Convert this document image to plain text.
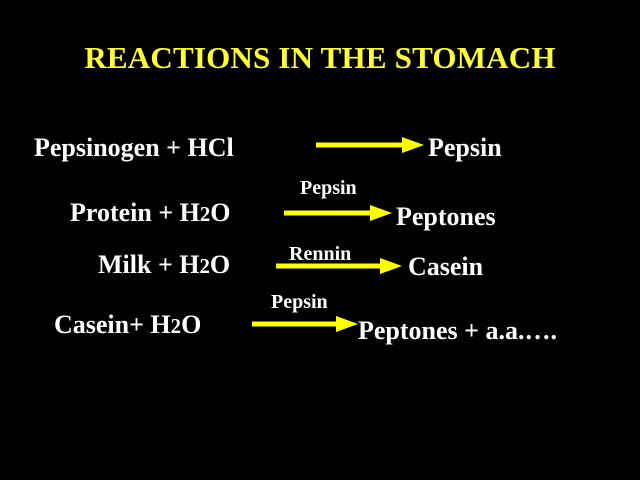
REACTIONS IN THE STOMACH
Pepsinogen + HCl	Pepsin
Protein + H2O
Pepsin
Peptones
Milk + H2O	Rennin Casein
Casein+ H2O
Pepsin
Peptones + a.a.….
